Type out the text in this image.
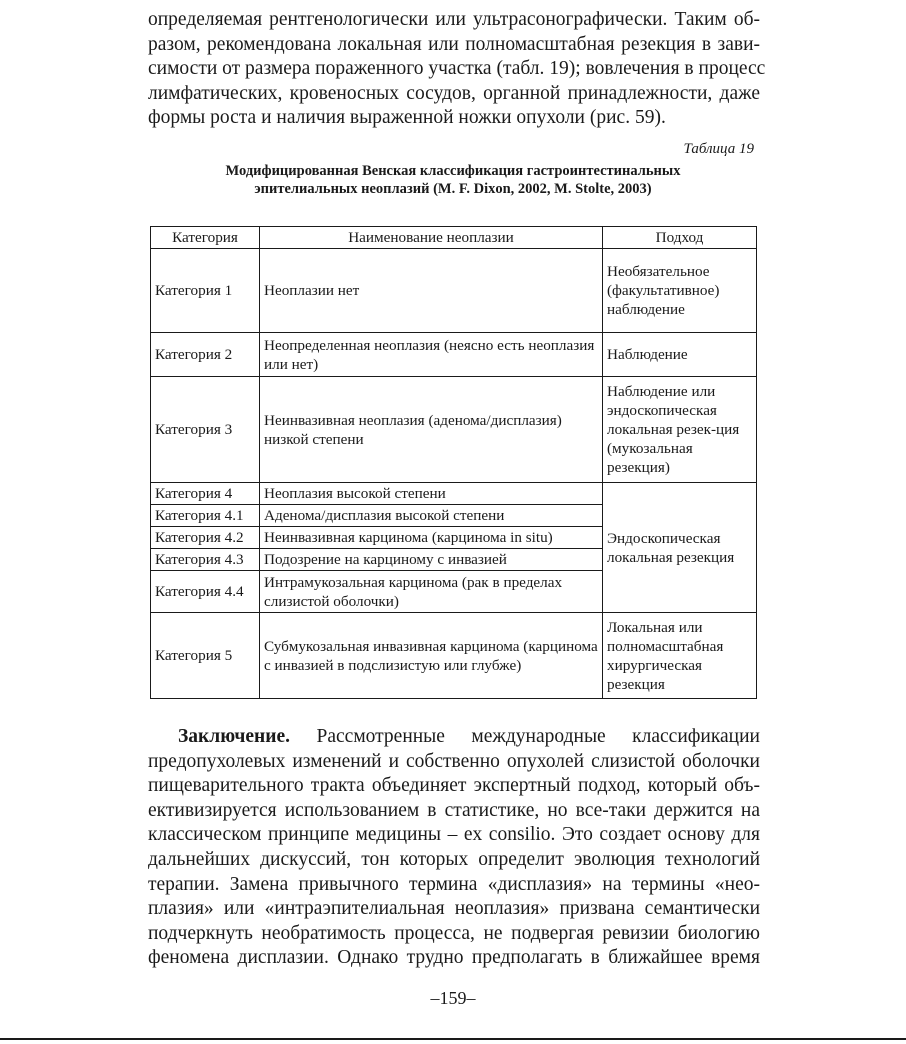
определяемая рентгенологически или ультрасонографически. Таким об-
разом, рекомендована локальная или полномасштабная резекция в зави-
симости от размера пораженного участка (табл. 19); вовлечения в процесс
лимфатических, кровеносных сосудов, органной принадлежности, даже
формы роста и наличия выраженной ножки опухоли (рис. 59).
Таблица 19
Модифицированная Венская классификация гастроинтестинальных
эпителиальных неоплазий (M. F. Dixon, 2002, M. Stolte, 2003)
Категория	Наименование неоплазии	Подход
Категория 1	Неоплазии нет	Необязательное (факультативное) наблюдение
Категория 2	Неопределенная неоплазия (неясно есть неоплазия или нет)	Наблюдение
Категория 3	Неинвазивная неоплазия (аденома/дисплазия) низкой степени	Наблюдение или эндоскопическая локальная резек-ция (мукозальная резекция)
Категория 4	Неоплазия высокой степени	Эндоскопическая локальная резекция
Категория 4.1	Аденома/дисплазия высокой степени	
Категория 4.2	Неинвазивная карцинома (карцинома in situ)	
Категория 4.3	Подозрение на карциному с инвазией	
Категория 4.4	Интрамукозальная карцинома (рак в пределах слизистой оболочки)	
Категория 5	Субмукозальная инвазивная карцинома (карцинома с инвазией в подслизистую или глубже)	Локальная или полномасштабная хирургическая резекция
Заключение. Рассмотренные международные классификации
предопухолевых изменений и собственно опухолей слизистой оболочки
пищеварительного тракта объединяет экспертный подход, который объ-
ективизируется использованием в статистике, но все-таки держится на
классическом принципе медицины – ex consilio. Это создает основу для
дальнейших дискуссий, тон которых определит эволюция технологий
терапии. Замена привычного термина «дисплазия» на термины «нео-
плазия» или «интраэпителиальная неоплазия» призвана семантически
подчеркнуть необратимость процесса, не подвергая ревизии биологию
феномена дисплазии. Однако трудно предполагать в ближайшее время
–159–
